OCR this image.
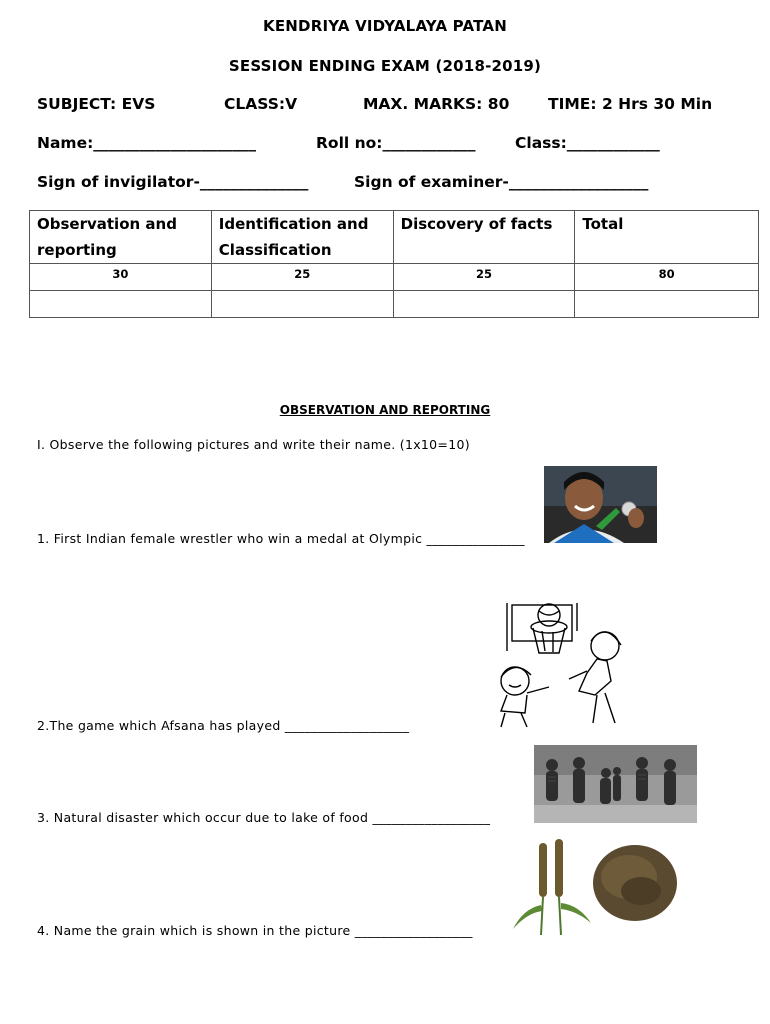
KENDRIYA VIDYALAYA PATAN
SESSION ENDING EXAM (2018-2019)
SUBJECT: EVS	CLASS:V	MAX. MARKS: 80 TIME: 2 Hrs 30 Min
Name:_____________________	Roll no:____________	Class:____________
Sign of invigilator-______________	Sign of examiner-__________________
Observation and reporting	Identification and Classification	Discovery of facts	Total
30	25	25	80

OBSERVATION AND REPORTING
I. Observe the following pictures and write their name. (1x10=10)
1. First Indian female wrestler who win a medal at Olympic _______________
2.The game which Afsana has played ___________________
3. Natural disaster which occur due to lake of food __________________
4. Name the grain which is shown in the picture __________________
